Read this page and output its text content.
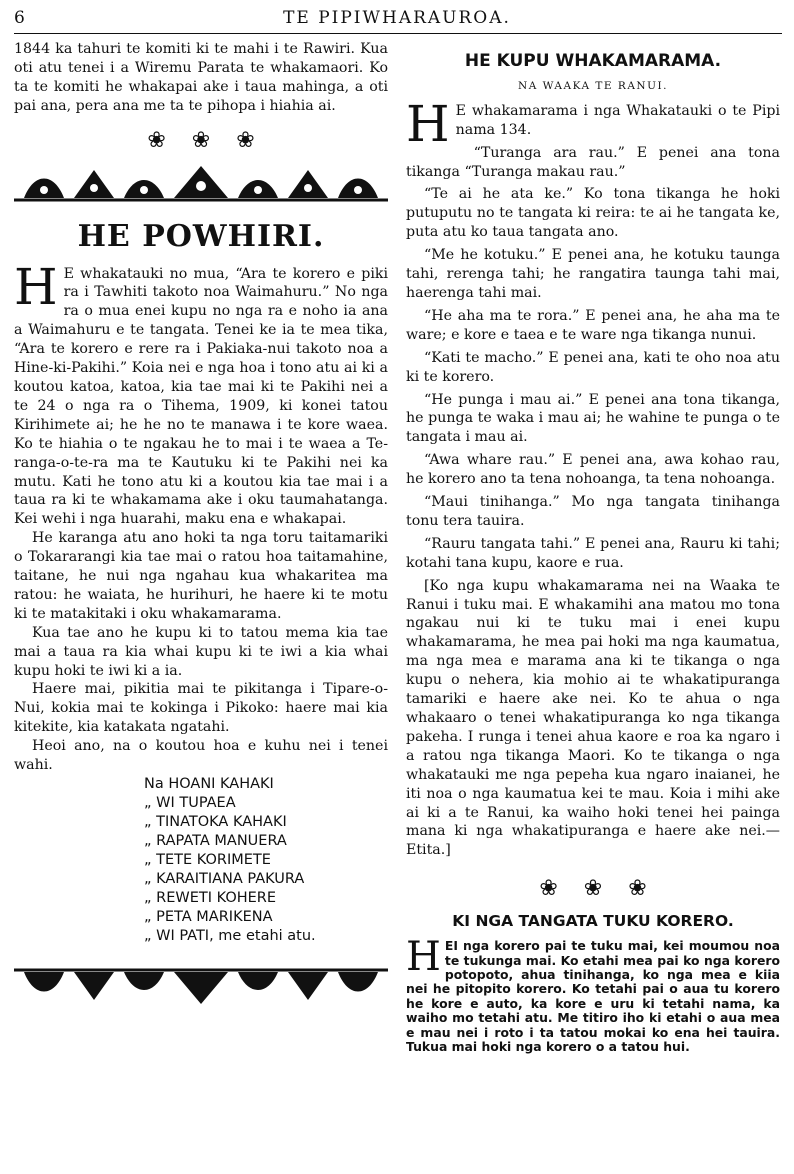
6	TE PIPIWHARAUROA.

1844 ka tahuri te komiti ki te mahi i te Rawiri. Kua oti atu tenei i a Wiremu Parata te whakamaori. Ko ta te komiti he whakapai ake i taua mahinga, a oti pai ana, pera ana me ta te pihopa i hiahia ai.

❀ ❀ ❀
HE POWHIRI.

H E whakatauki no mua, “Ara te korero e piki ra i Tawhiti takoto noa Waimahuru.” No nga ra o mua enei kupu no nga ra e noho ia ana a Waimahuru e te tangata. Tenei ke ia te mea tika, “Ara te korero e rere ra i Pakiaka-nui takoto noa a Hine-ki-Pakihi.” Koia nei e nga hoa i tono atu ai ki a koutou katoa, katoa, kia tae mai ki te Pakihi nei a te 24 o nga ra o Tihema, 1909, ki konei tatou Kirihimete ai; he he no te manawa i te kore waea. Ko te hiahia o te ngakau he to mai i te waea a Te-ranga-o-te-ra ma te Kautuku ki te Pakihi nei ka mutu. Kati he tono atu ki a koutou kia tae mai i a taua ra ki te whakamama ake i oku taumahatanga. Kei wehi i nga huarahi, maku ena e whakapai.

He karanga atu ano hoki ta nga toru taitamariki o Tokararangi kia tae mai o ratou hoa taitamahine, taitane, he nui nga ngahau kua whakaritea ma ratou: he waiata, he hurihuri, he haere ki te motu ki te matakitaki i oku whakamarama.

Kua tae ano he kupu ki to tatou mema kia tae mai a taua ra kia whai kupu ki te iwi a kia whai kupu hoki te iwi ki a ia.

Haere mai, pikitia mai te pikitanga i Tipare-o-Nui, kokia mai te kokinga i Pikoko: haere mai kia kitekite, kia katakata ngatahi.

Heoi ano, na o koutou hoa e kuhu nei i tenei wahi.

Na HOANI KAHAKI
„ WI TUPAEA
„ TINATOKA KAHAKI
„ RAPATA MANUERA
„ TETE KORIMETE
„ KARAITIANA PAKURA
„ REWETI KOHERE
„ PETA MARIKENA
„ WI PATI, me etahi atu.
HE KUPU WHAKAMARAMA.
NA WAAKA TE RANUI.

H E whakamarama i nga Whakatauki o te Pipi nama 134.

“Turanga ara rau.” E penei ana tona tikanga “Turanga makau rau.”

“Te ai he ata ke.” Ko tona tikanga he hoki putuputu no te tangata ki reira: te ai he tangata ke, puta atu ko taua tangata ano.

“Me he kotuku.” E penei ana, he kotuku taunga tahi, rerenga tahi; he rangatira taunga tahi mai, haerenga tahi mai.

“He aha ma te rora.” E penei ana, he aha ma te ware; e kore e taea e te ware nga tikanga nunui.

“Kati te macho.” E penei ana, kati te oho noa atu ki te korero.

“He punga i mau ai.” E penei ana tona tikanga, he punga te waka i mau ai; he wahine te punga o te tangata i mau ai.

“Awa whare rau.” E penei ana, awa kohao rau, he korero ano ta tena nohoanga, ta tena nohoanga.

“Maui tinihanga.” Mo nga tangata tinihanga tonu tera tauira.

“Rauru tangata tahi.” E penei ana, Rauru ki tahi; kotahi tana kupu, kaore e rua.

[Ko nga kupu whakamarama nei na Waaka te Ranui i tuku mai. E whakamihi ana matou mo tona ngakau nui ki te tuku mai i enei kupu whakamarama, he mea pai hoki ma nga kaumatua, ma nga mea e marama ana ki te tikanga o nga kupu o nehera, kia mohio ai te whakatipuranga tamariki e haere ake nei. Ko te ahua o nga whakaaro o tenei whakatipuranga ko nga tikanga pakeha. I runga i tenei ahua kaore e roa ka ngaro i a ratou nga tikanga Maori. Ko te tikanga o nga whakatauki me nga pepeha kua ngaro inaianei, he iti noa o nga kaumatua kei te mau. Koia i mihi ake ai ki a te Ranui, ka waiho hoki tenei hei painga mana ki nga whakatipuranga e haere ake nei.—Etita.]

❀ ❀ ❀
KI NGA TANGATA TUKU KORERO.

HEI nga korero pai te tuku mai, kei moumou noa te tukunga mai. Ko etahi mea pai ko nga korero potopoto, ahua tinihanga, ko nga mea e kiia nei he pitopito korero. Ko tetahi pai o aua tu korero he kore e auto, ka kore e uru ki tetahi nama, ka waiho mo tetahi atu. Me titiro iho ki etahi o aua mea e mau nei i roto i ta tatou mokai ko ena hei tauira. Tukua mai hoki nga korero o a tatou hui.
